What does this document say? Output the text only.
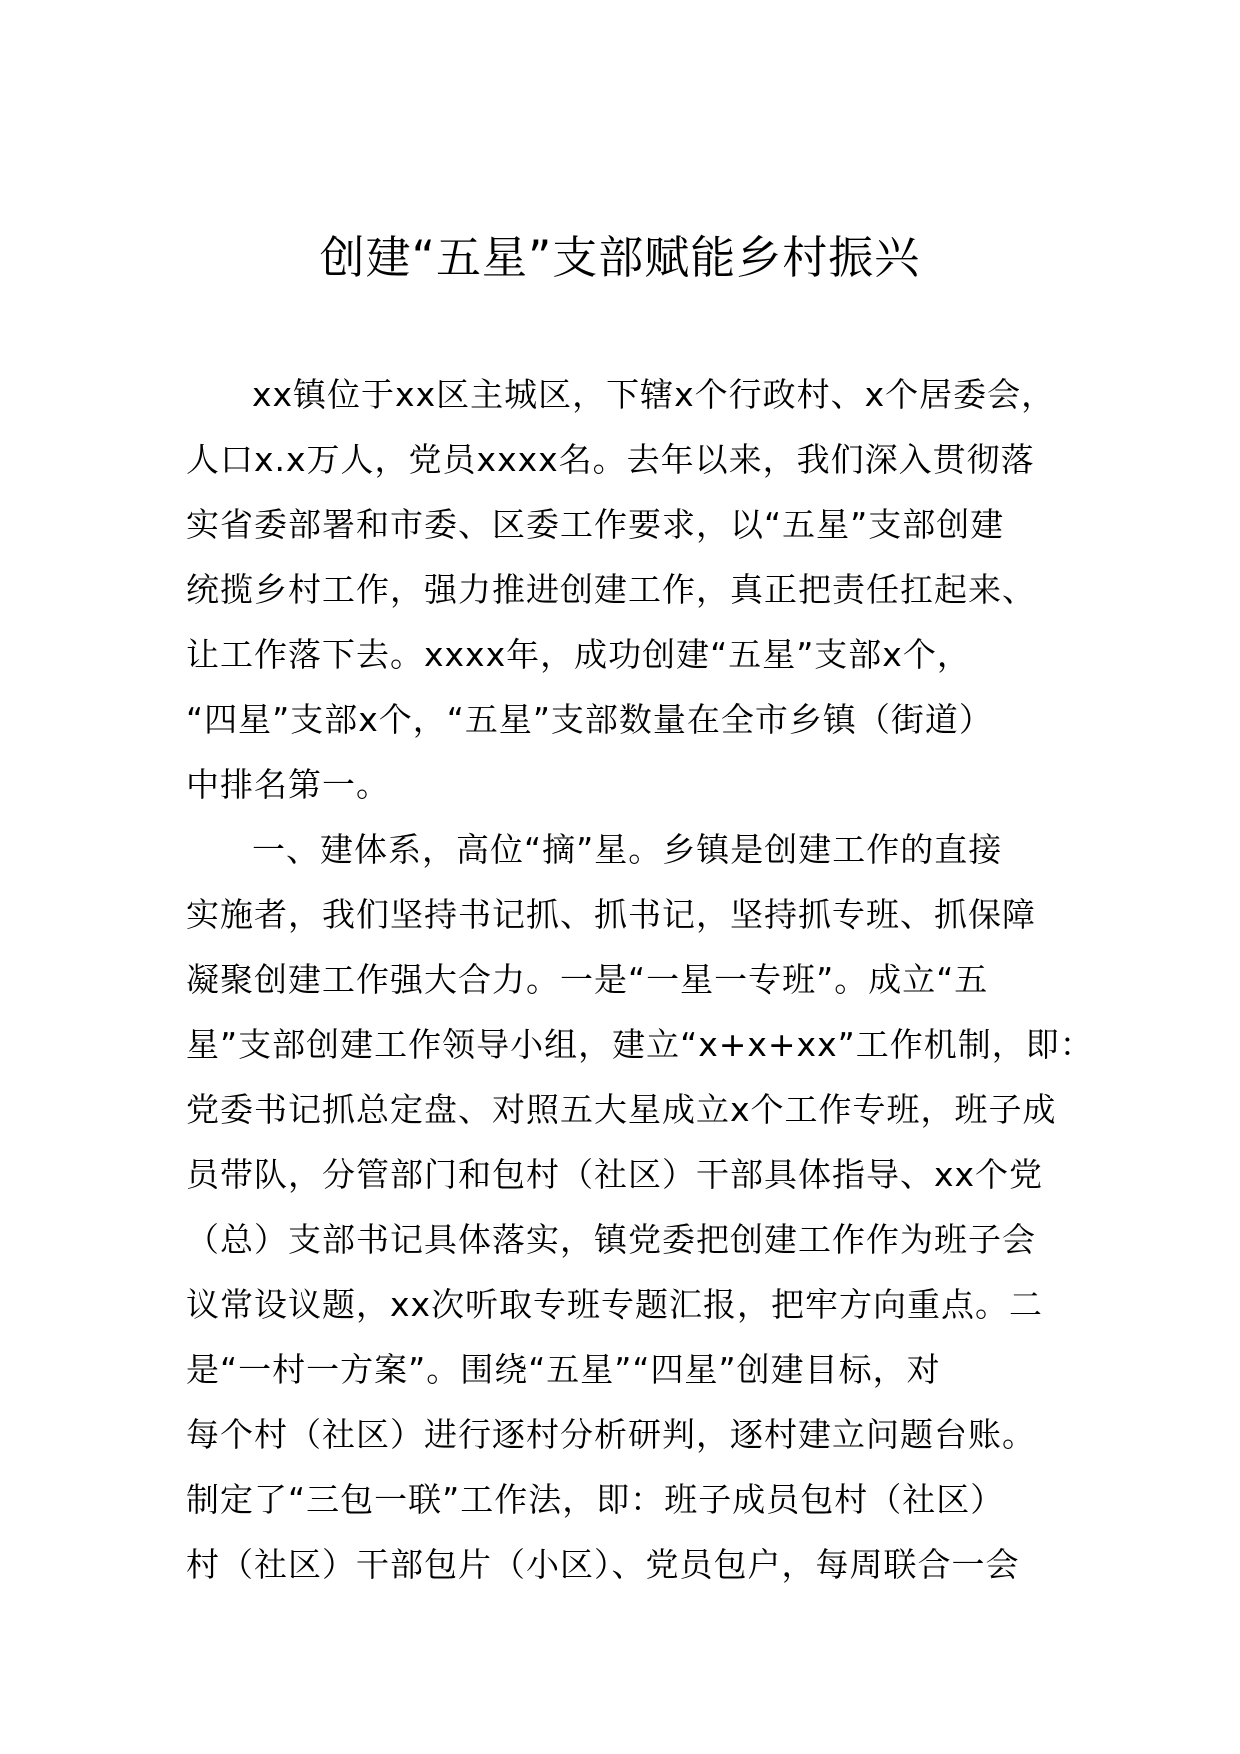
创建“五星”支部赋能乡村振兴
xx镇位于xx区主城区，下辖x个行政村、x个居委会，
人口x.x万人，党员xxxx名。去年以来，我们深入贯彻落
实省委部署和市委、区委工作要求，以“五星”支部创建
统揽乡村工作，强力推进创建工作，真正把责任扛起来、
让工作落下去。xxxx年，成功创建“五星”支部x个，
“四星”支部x个，“五星”支部数量在全市乡镇（街道）
中排名第一。
一、建体系，高位“摘”星。乡镇是创建工作的直接
实施者，我们坚持书记抓、抓书记，坚持抓专班、抓保障
凝聚创建工作强大合力。一是“一星一专班”。成立“五
星”支部创建工作领导小组，建立“x+x+xx”工作机制，即：
党委书记抓总定盘、对照五大星成立x个工作专班，班子成
员带队，分管部门和包村（社区）干部具体指导、xx个党
（总）支部书记具体落实，镇党委把创建工作作为班子会
议常设议题，xx次听取专班专题汇报，把牢方向重点。二
是“一村一方案”。围绕“五星”“四星”创建目标，对
每个村（社区）进行逐村分析研判，逐村建立问题台账。
制定了“三包一联”工作法，即：班子成员包村（社区）
村（社区）干部包片（小区）、党员包户，每周联合一会
